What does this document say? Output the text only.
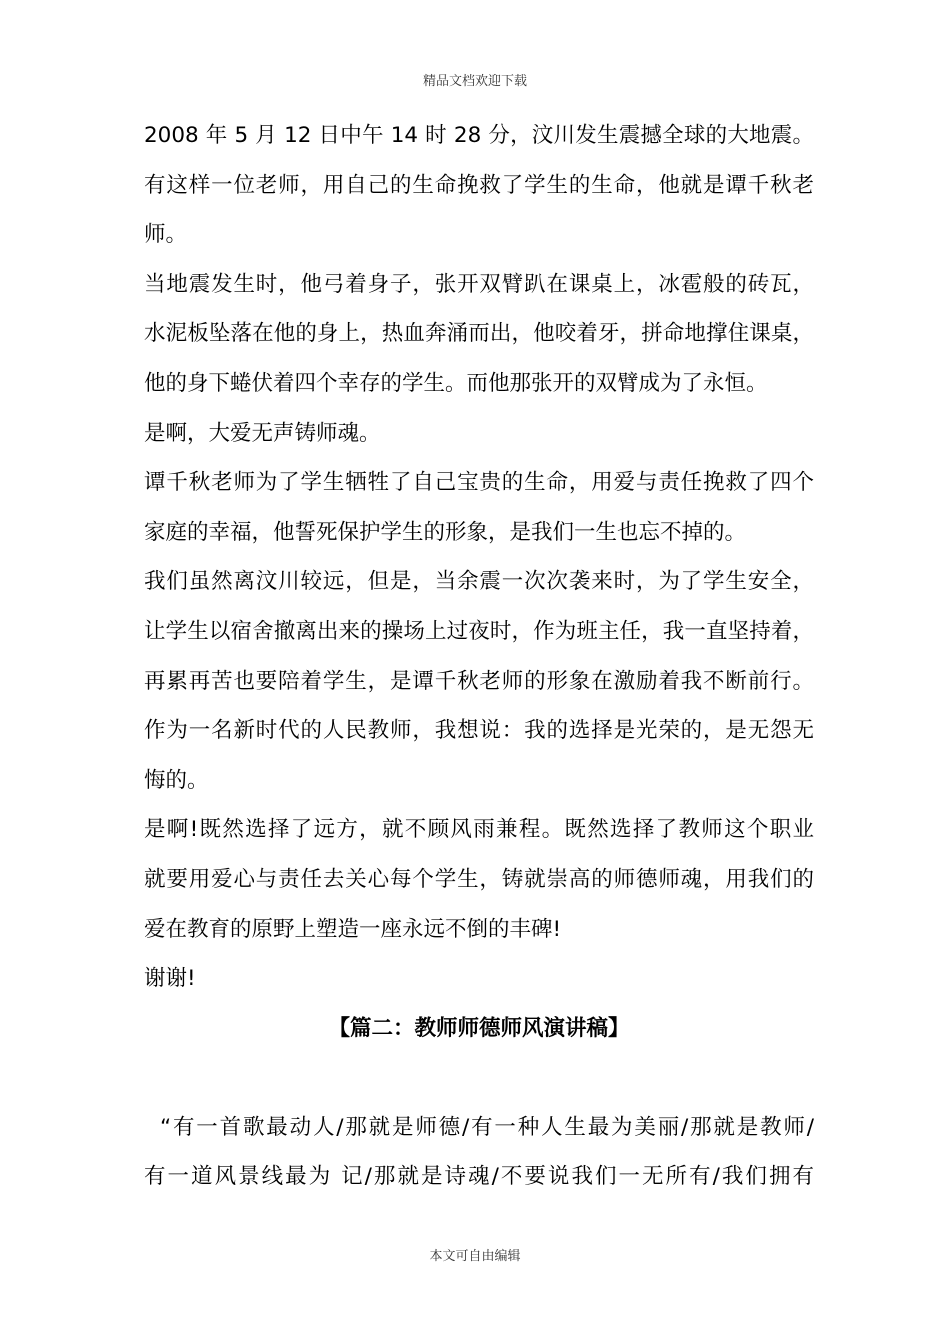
精品文档欢迎下载
2008 年 5 月 12 日中午 14 时 28 分，汶川发生震撼全球的大地震。
有这样一位老师，用自己的生命挽救了学生的生命，他就是谭千秋老
师。
当地震发生时，他弓着身子，张开双臂趴在课桌上，冰雹般的砖瓦，
水泥板坠落在他的身上，热血奔涌而出，他咬着牙，拼命地撑住课桌，
他的身下蜷伏着四个幸存的学生。而他那张开的双臂成为了永恒。
是啊，大爱无声铸师魂。
谭千秋老师为了学生牺牲了自己宝贵的生命，用爱与责任挽救了四个
家庭的幸福，他誓死保护学生的形象，是我们一生也忘不掉的。
我们虽然离汶川较远，但是，当余震一次次袭来时，为了学生安全，
让学生以宿舍撤离出来的操场上过夜时，作为班主任，我一直坚持着，
再累再苦也要陪着学生，是谭千秋老师的形象在激励着我不断前行。
作为一名新时代的人民教师，我想说：我的选择是光荣的，是无怨无
悔的。
是啊!既然选择了远方，就不顾风雨兼程。既然选择了教师这个职业
就要用爱心与责任去关心每个学生，铸就崇高的师德师魂，用我们的
爱在教育的原野上塑造一座永远不倒的丰碑!
谢谢!
【篇二：教师师德师风演讲稿】
“有一首歌最动人/那就是师德/有一种人生最为美丽/那就是教师/
有一道风景线最为 记/那就是诗魂/不要说我们一无所有/我们拥有
本文可自由编辑
